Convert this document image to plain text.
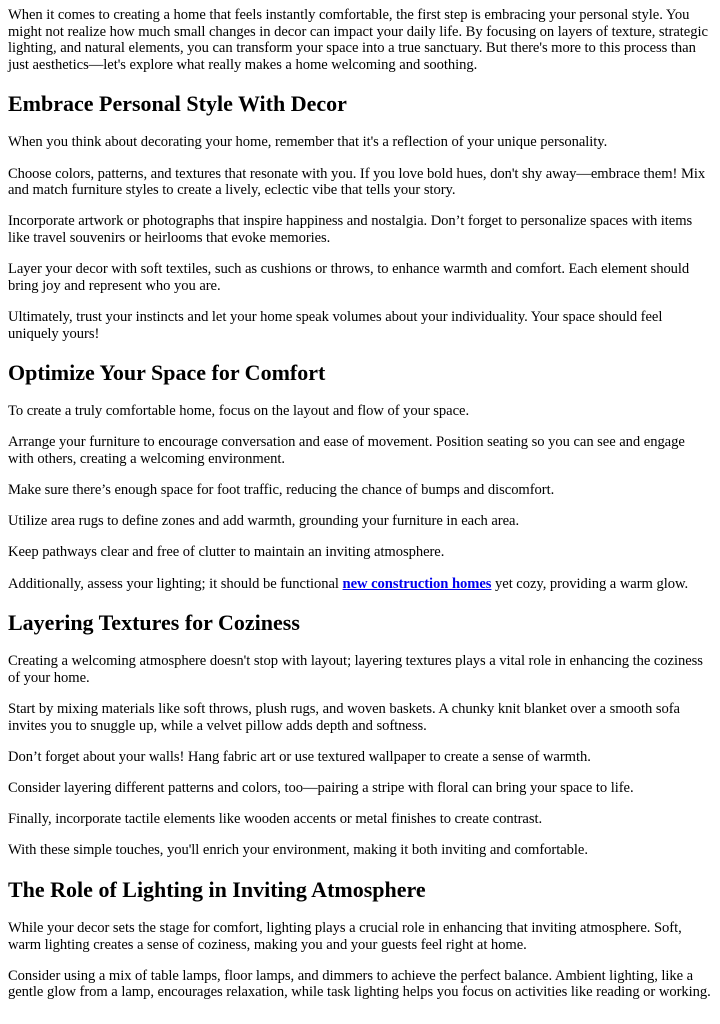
When it comes to creating a home that feels instantly comfortable, the first step is embracing your personal style. You might not realize how much small changes in decor can impact your daily life. By focusing on layers of texture, strategic lighting, and natural elements, you can transform your space into a true sanctuary. But there's more to this process than just aesthetics—let's explore what really makes a home welcoming and soothing.

Embrace Personal Style With Decor

When you think about decorating your home, remember that it's a reflection of your unique personality.

Choose colors, patterns, and textures that resonate with you. If you love bold hues, don't shy away—embrace them! Mix and match furniture styles to create a lively, eclectic vibe that tells your story.

Incorporate artwork or photographs that inspire happiness and nostalgia. Don’t forget to personalize spaces with items like travel souvenirs or heirlooms that evoke memories.

Layer your decor with soft textiles, such as cushions or throws, to enhance warmth and comfort. Each element should bring joy and represent who you are.

Ultimately, trust your instincts and let your home speak volumes about your individuality. Your space should feel uniquely yours!

Optimize Your Space for Comfort

To create a truly comfortable home, focus on the layout and flow of your space.

Arrange your furniture to encourage conversation and ease of movement. Position seating so you can see and engage with others, creating a welcoming environment.

Make sure there’s enough space for foot traffic, reducing the chance of bumps and discomfort.

Utilize area rugs to define zones and add warmth, grounding your furniture in each area.

Keep pathways clear and free of clutter to maintain an inviting atmosphere.

Additionally, assess your lighting; it should be functional new construction homes yet cozy, providing a warm glow.

Layering Textures for Coziness

Creating a welcoming atmosphere doesn't stop with layout; layering textures plays a vital role in enhancing the coziness of your home.

Start by mixing materials like soft throws, plush rugs, and woven baskets. A chunky knit blanket over a smooth sofa invites you to snuggle up, while a velvet pillow adds depth and softness.

Don’t forget about your walls! Hang fabric art or use textured wallpaper to create a sense of warmth.

Consider layering different patterns and colors, too—pairing a stripe with floral can bring your space to life.

Finally, incorporate tactile elements like wooden accents or metal finishes to create contrast.

With these simple touches, you'll enrich your environment, making it both inviting and comfortable.

The Role of Lighting in Inviting Atmosphere

While your decor sets the stage for comfort, lighting plays a crucial role in enhancing that inviting atmosphere. Soft, warm lighting creates a sense of coziness, making you and your guests feel right at home.

Consider using a mix of table lamps, floor lamps, and dimmers to achieve the perfect balance. Ambient lighting, like a gentle glow from a lamp, encourages relaxation, while task lighting helps you focus on activities like reading or working.
